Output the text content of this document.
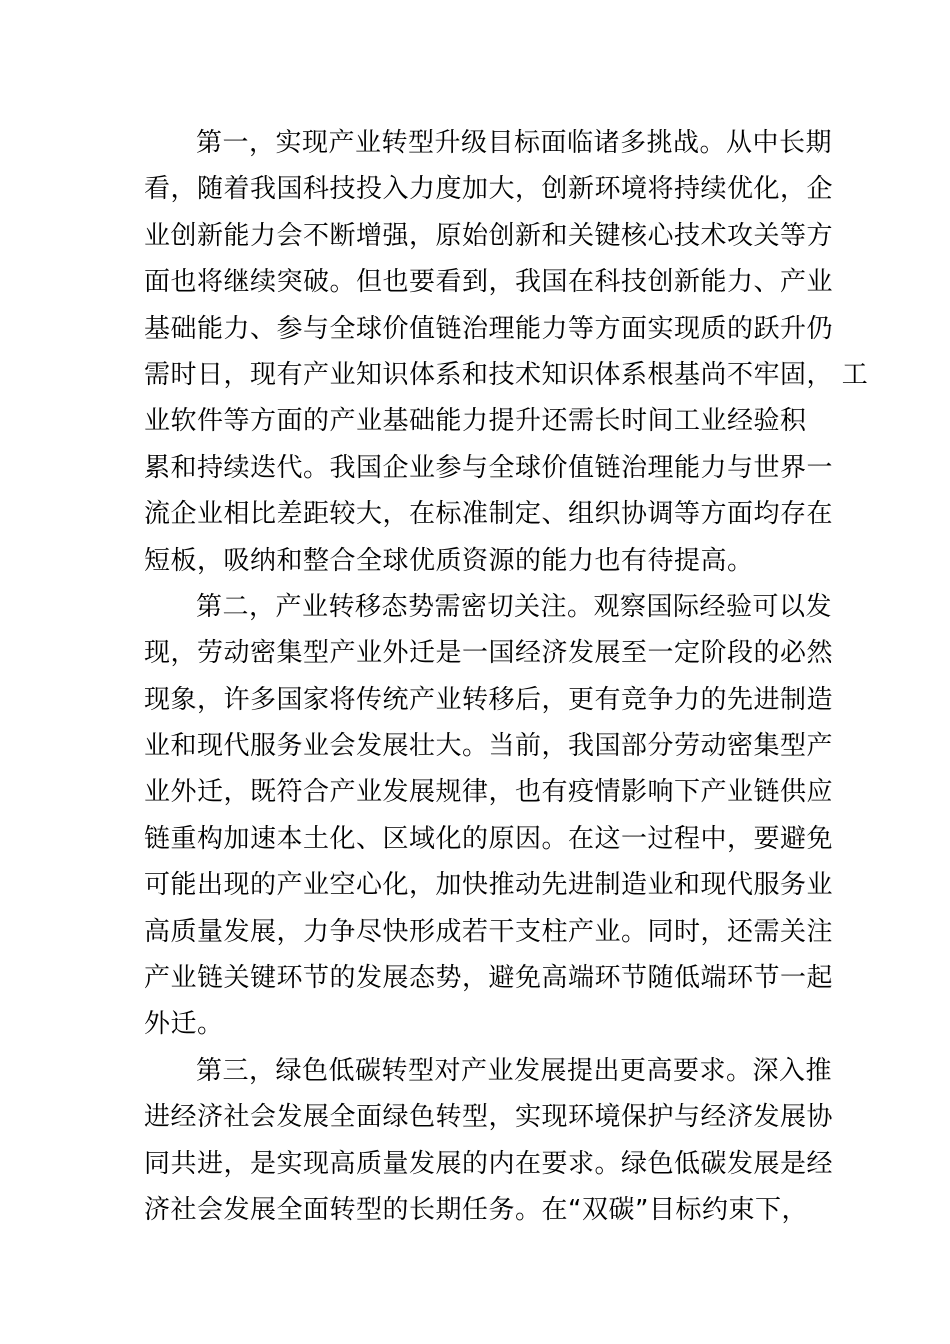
第一，实现产业转型升级目标面临诸多挑战。从中长期
看，随着我国科技投入力度加大，创新环境将持续优化，企
业创新能力会不断增强，原始创新和关键核心技术攻关等方
面也将继续突破。但也要看到，我国在科技创新能力、产业
基础能力、参与全球价值链治理能力等方面实现质的跃升仍
需时日，现有产业知识体系和技术知识体系根基尚不牢固， 工
业软件等方面的产业基础能力提升还需长时间工业经验积
累和持续迭代。我国企业参与全球价值链治理能力与世界一
流企业相比差距较大，在标准制定、组织协调等方面均存在
短板，吸纳和整合全球优质资源的能力也有待提高。
第二，产业转移态势需密切关注。观察国际经验可以发
现，劳动密集型产业外迁是一国经济发展至一定阶段的必然
现象，许多国家将传统产业转移后，更有竞争力的先进制造
业和现代服务业会发展壮大。当前，我国部分劳动密集型产
业外迁，既符合产业发展规律，也有疫情影响下产业链供应
链重构加速本土化、区域化的原因。在这一过程中，要避免
可能出现的产业空心化，加快推动先进制造业和现代服务业
高质量发展，力争尽快形成若干支柱产业。同时，还需关注
产业链关键环节的发展态势，避免高端环节随低端环节一起
外迁。
第三，绿色低碳转型对产业发展提出更高要求。深入推
进经济社会发展全面绿色转型，实现环境保护与经济发展协
同共进，是实现高质量发展的内在要求。绿色低碳发展是经
济社会发展全面转型的长期任务。在“双碳”目标约束下，
